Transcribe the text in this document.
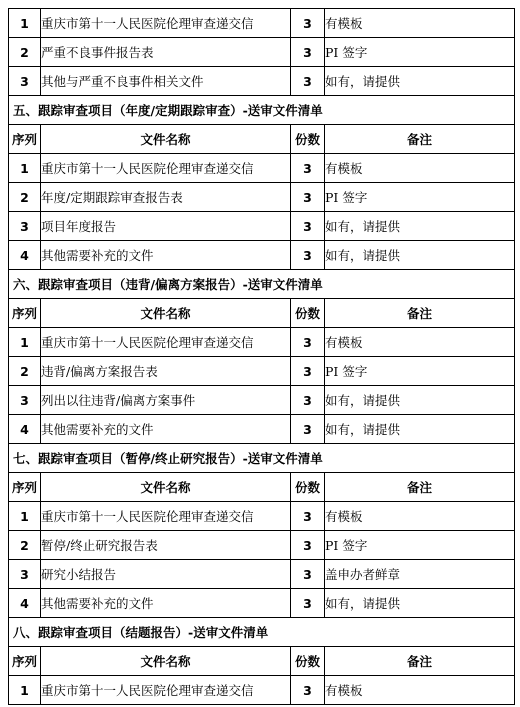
1	重庆市第十一人民医院伦理审查递交信	3	有模板
2	严重不良事件报告表	3	PI 签字
3	其他与严重不良事件相关文件	3	如有，请提供
五、跟踪审查项目（年度/定期跟踪审查）-送审文件清单			
序列	文件名称	份数	备注
1	重庆市第十一人民医院伦理审查递交信	3	有模板
2	年度/定期跟踪审查报告表	3	PI 签字
3	项目年度报告	3	如有，请提供
4	其他需要补充的文件	3	如有，请提供
六、跟踪审查项目（违背/偏离方案报告）-送审文件清单			
序列	文件名称	份数	备注
1	重庆市第十一人民医院伦理审查递交信	3	有模板
2	违背/偏离方案报告表	3	PI 签字
3	列出以往违背/偏离方案事件	3	如有，请提供
4	其他需要补充的文件	3	如有，请提供
七、跟踪审查项目（暂停/终止研究报告）-送审文件清单			
序列	文件名称	份数	备注
1	重庆市第十一人民医院伦理审查递交信	3	有模板
2	暂停/终止研究报告表	3	PI 签字
3	研究小结报告	3	盖申办者鲜章
4	其他需要补充的文件	3	如有，请提供
八、跟踪审查项目（结题报告）-送审文件清单			
序列	文件名称	份数	备注
1	重庆市第十一人民医院伦理审查递交信	3	有模板
